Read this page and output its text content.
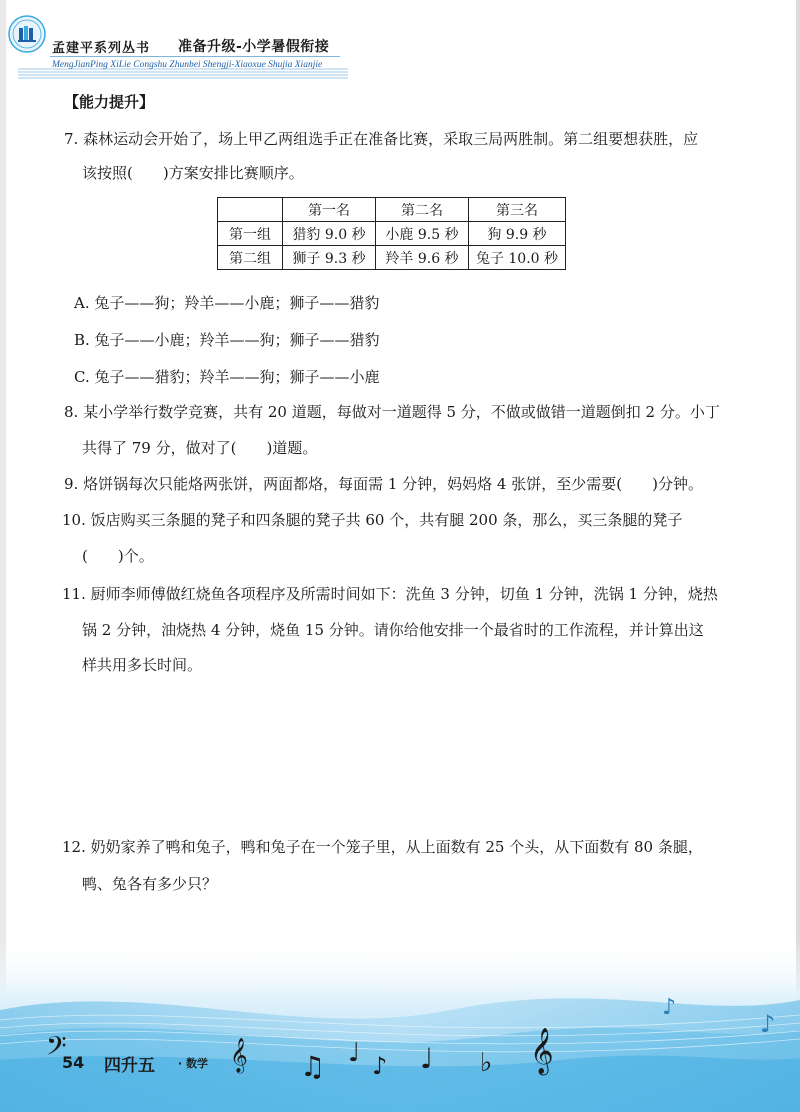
孟建平系列丛书 准备升级-小学暑假衔接
MengJianPing XiLie Congshu Zhunbei Shengji-Xiaoxue Shujia Xianjie
【能力提升】
7. 森林运动会开始了，场上甲乙两组选手正在准备比赛，采取三局两胜制。第二组要想获胜，应
该按照( )方案安排比赛顺序。
	第一名	第二名	第三名
第一组	猎豹 9.0 秒	小鹿 9.5 秒	狗 9.9 秒
第二组	狮子 9.3 秒	羚羊 9.6 秒	兔子 10.0 秒
A. 兔子——狗；羚羊——小鹿；狮子——猎豹
B. 兔子——小鹿；羚羊——狗；狮子——猎豹
C. 兔子——猎豹；羚羊——狗；狮子——小鹿
8. 某小学举行数学竞赛，共有 20 道题，每做对一道题得 5 分，不做或做错一道题倒扣 2 分。小丁
共得了 79 分，做对了( )道题。
9. 烙饼锅每次只能烙两张饼，两面都烙，每面需 1 分钟，妈妈烙 4 张饼，至少需要( )分钟。
10. 饭店购买三条腿的凳子和四条腿的凳子共 60 个，共有腿 200 条，那么，买三条腿的凳子
( )个。
11. 厨师李师傅做红烧鱼各项程序及所需时间如下：洗鱼 3 分钟，切鱼 1 分钟，洗锅 1 分钟，烧热
锅 2 分钟，油烧热 4 分钟，烧鱼 15 分钟。请你给他安排一个最省时的工作流程，并计算出这
样共用多长时间。
12. 奶奶家养了鸭和兔子，鸭和兔子在一个笼子里，从上面数有 25 个头，从下面数有 80 条腿，
鸭、兔各有多少只？
𝄢
54 四升五 · 数学 𝄞 ♫ ♩ ♪ ♩ ♭ 𝄞
♪
♪
